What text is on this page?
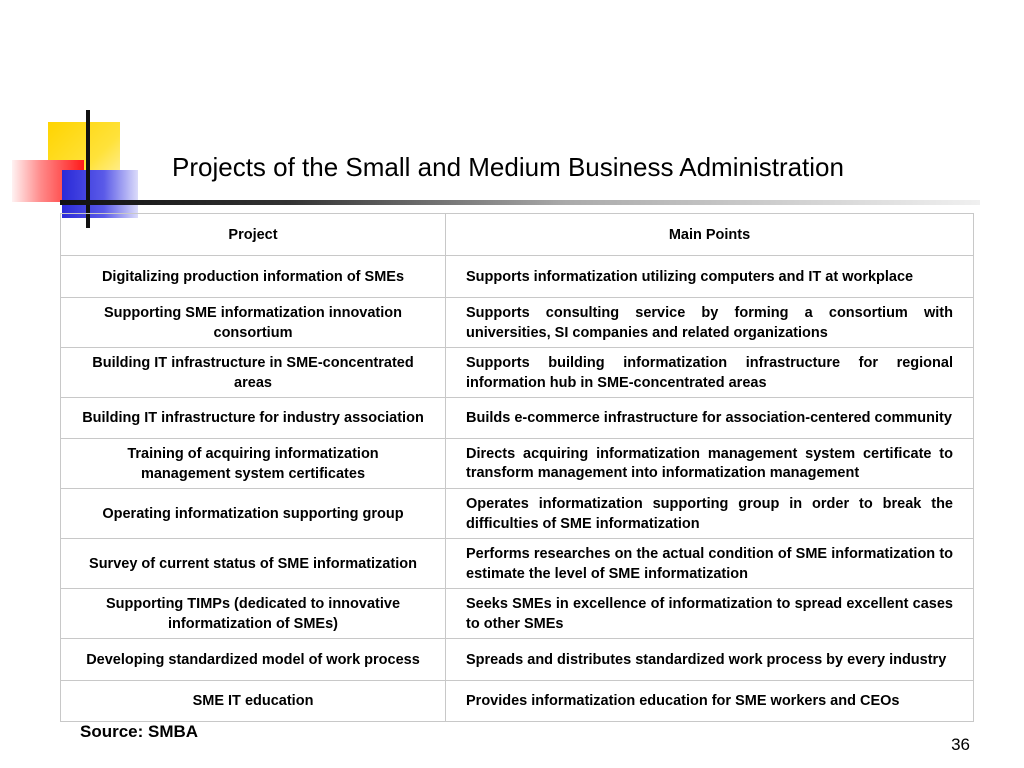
Projects of the Small and Medium Business Administration
Project	Main Points
Digitalizing production information of SMEs	Supports informatization utilizing computers and IT at workplace
Supporting SME informatization innovation consortium	Supports consulting service by forming a consortium with universities, SI companies and related organizations
Building IT infrastructure in SME-concentrated areas	Supports building informatization infrastructure for regional information hub in SME-concentrated areas
Building IT infrastructure for industry association	Builds e-commerce infrastructure for association-centered community
Training of acquiring informatization management system certificates	Directs acquiring informatization management system certificate to transform management into informatization management
Operating informatization supporting group	Operates informatization supporting group in order to break the difficulties of SME informatization
Survey of current status of SME informatization	Performs researches on the actual condition of SME informatization to estimate the level of SME informatization
Supporting TIMPs (dedicated to innovative informatization of SMEs)	Seeks SMEs in excellence of informatization to spread excellent cases to other SMEs
Developing standardized model of work process	Spreads and distributes standardized work process by every industry
SME IT education	Provides informatization education for SME workers and CEOs
Source: SMBA
36
